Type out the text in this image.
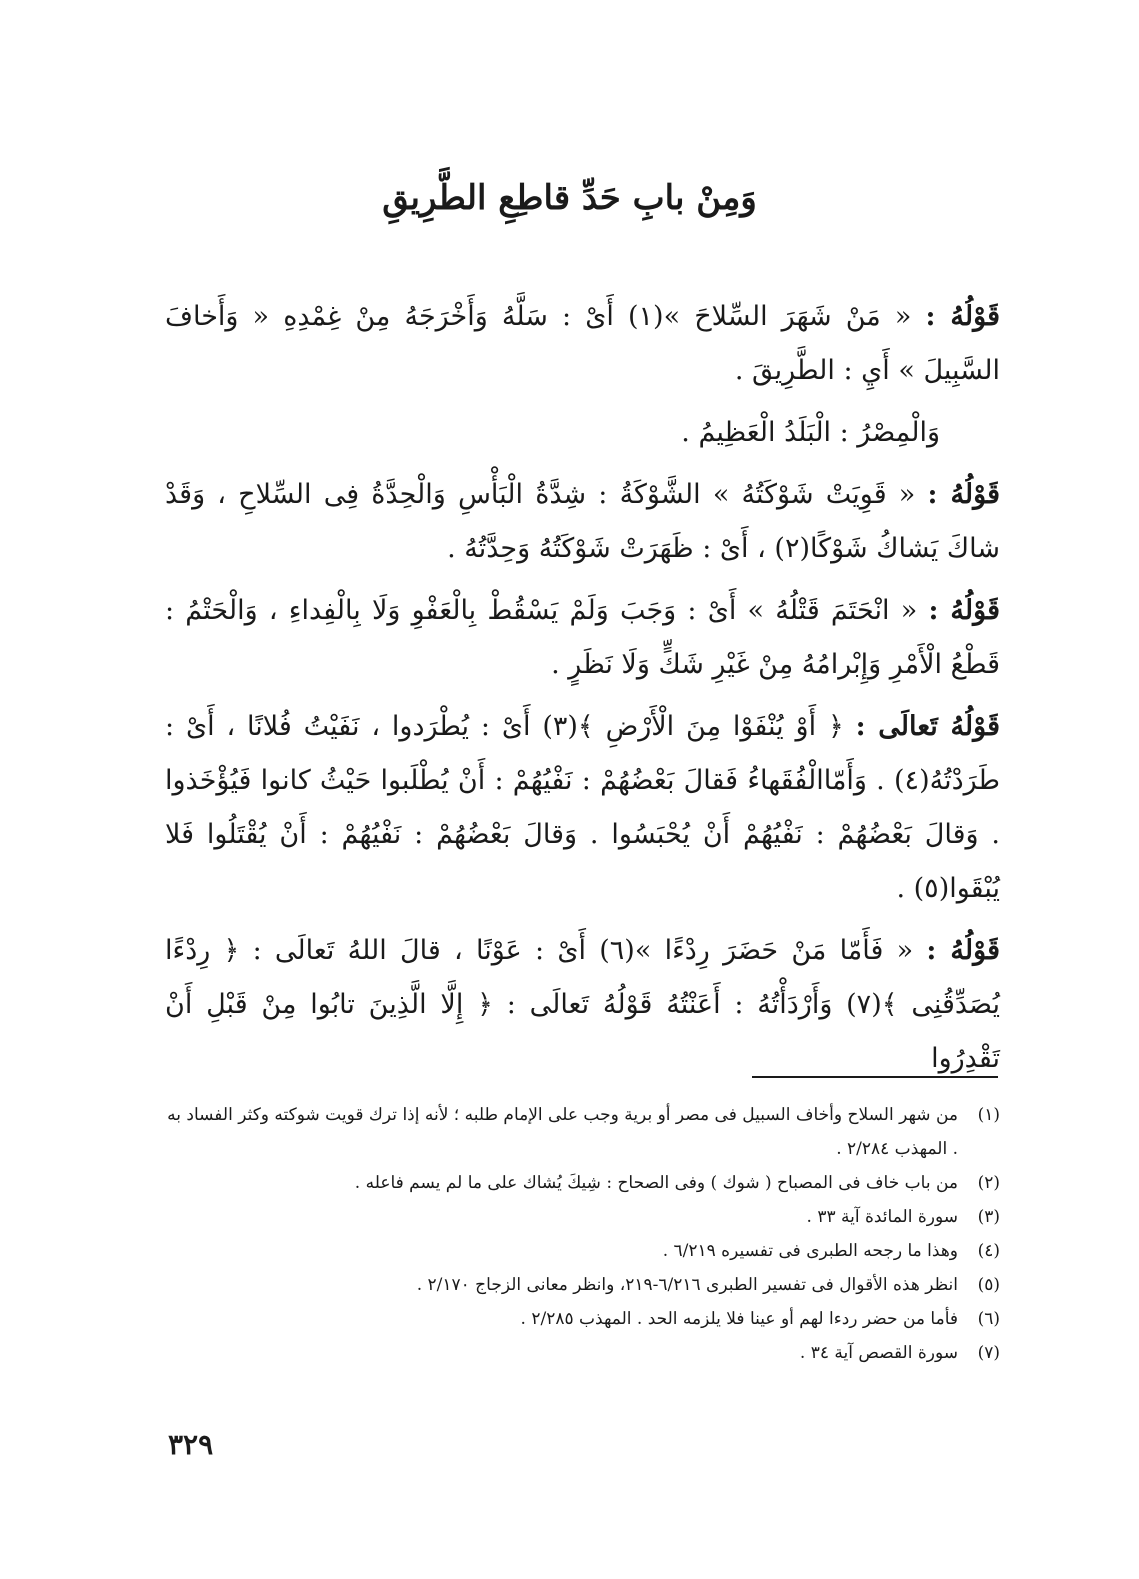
وَمِنْ بابِ حَدِّ قاطِعِ الطَّرِيقِ

قَوْلُهُ : « مَنْ شَهَرَ السِّلاحَ »(١) أَىْ : سَلَّهُ وَأَخْرَجَهُ مِنْ غِمْدِهِ « وَأَخافَ السَّبِيلَ » أَيِ : الطَّرِيقَ .

وَالْمِصْرُ : الْبَلَدُ الْعَظِيمُ .

قَوْلُهُ : « قَوِيَتْ شَوْكَتُهُ » الشَّوْكَةُ : شِدَّةُ الْبَأْسِ وَالْحِدَّةُ فِى السِّلاحِ ، وَقَدْ شاكَ يَشاكُ شَوْكًا(٢) ، أَىْ : ظَهَرَتْ شَوْكَتُهُ وَحِدَّتُهُ .

قَوْلُهُ : « انْحَتَمَ قَتْلُهُ » أَىْ : وَجَبَ وَلَمْ يَسْقُطْ بِالْعَفْوِ وَلَا بِالْفِداءِ ، وَالْحَتْمُ : قَطْعُ الْأَمْرِ وَإِبْرامُهُ مِنْ غَيْرِ شَكٍّ وَلَا نَظَرٍ .

قَوْلُهُ تَعالَى : ﴿ أَوْ يُنْفَوْا مِنَ الْأَرْضِ ﴾(٣) أَىْ : يُطْرَدوا ، نَفَيْتُ فُلانًا ، أَىْ : طَرَدْتُهُ(٤) . وَأَمّاالْفُقَهاءُ فَقالَ بَعْضُهُمْ : نَفْيُهُمْ : أَنْ يُطْلَبوا حَيْثُ كانوا فَيُؤْخَذوا . وَقالَ بَعْضُهُمْ : نَفْيُهُمْ أَنْ يُحْبَسُوا . وَقالَ بَعْضُهُمْ : نَفْيُهُمْ : أَنْ يُقْتَلُوا فَلا يُبْقَوا(٥) .

قَوْلُهُ : « فَأَمّا مَنْ حَضَرَ رِدْءًا »(٦) أَىْ : عَوْنًا ، قالَ اللهُ تَعالَى : ﴿ رِدْءًا يُصَدِّقُنِى ﴾(٧) وَأَرْدَأْتُهُ : أَعَنْتُهُ قَوْلُهُ تَعالَى : ﴿ إِلَّا الَّذِينَ تابُوا مِنْ قَبْلِ أَنْ تَقْدِرُوا

(١)
من شهر السلاح وأخاف السبيل فى مصر أو برية وجب على الإمام طلبه ؛ لأنه إذا ترك قويت شوكته وكثر الفساد به . المهذب ٢/٢٨٤ .

(٢)
من باب خاف فى المصباح ( شوك ) وفى الصحاح : شِيكَ يُشاك على ما لم يسم فاعله .

(٣)
سورة المائدة آية ٣٣ .

(٤)
وهذا ما رجحه الطبرى فى تفسيره ٦/٢١٩ .

(٥)
انظر هذه الأقوال فى تفسير الطبرى ٦/٢١٦-٢١٩، وانظر معانى الزجاج ٢/١٧٠ .

(٦)
فأما من حضر ردءا لهم أو عينا فلا يلزمه الحد . المهذب ٢/٢٨٥ .

(٧)
سورة القصص آية ٣٤ .

٣٢٩
